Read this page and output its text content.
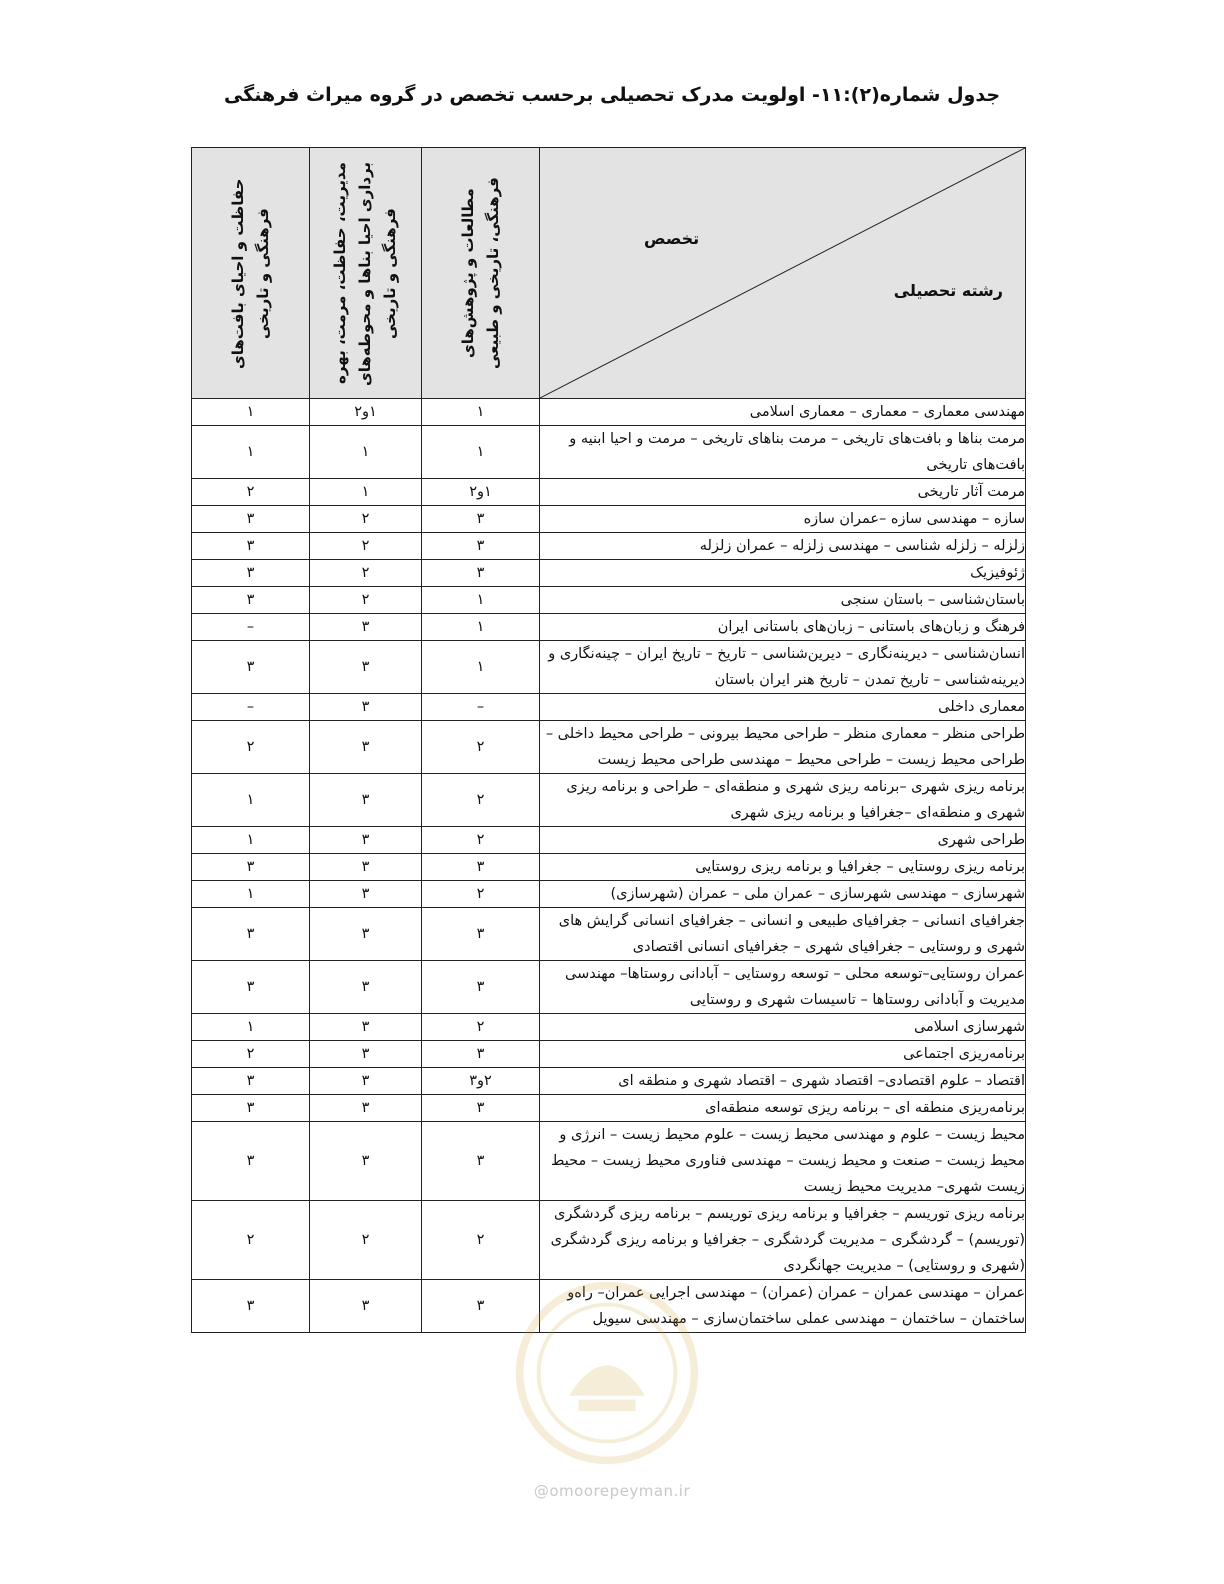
جدول شماره(۲):۱۱- اولویت مدرک تحصیلی برحسب تخصص در گروه میراث فرهنگی
تخصص
رشته تحصیلی	مطالعات و پژوهش‌های فرهنگی، تاریخی و طبیعی	مدیریت، حفاظت، مرمت، بهره برداری احیا بناها و محوطه‌های فرهنگی و تاریخی	حفاظت و احیای بافت‌های فرهنگی و تاریخی

مهندسی معماری – معماری – معماری اسلامی	۱	۱و۲	۱
مرمت بناها و بافت‌های تاریخی – مرمت بناهای تاریخی – مرمت و احیا ابنیه و بافت‌های تاریخی	۱	۱	۱
مرمت آثار تاریخی	۱و۲	۱	۲
سازه – مهندسی سازه –عمران سازه	۳	۲	۳
زلزله – زلزله شناسی – مهندسی زلزله – عمران زلزله	۳	۲	۳
ژئوفیزیک	۳	۲	۳
باستان‌شناسی – باستان سنجی	۱	۲	۳
فرهنگ و زبان‌های باستانی – زبان‌های باستانی ایران	۱	۳	–
انسان‌شناسی – دیرینه‌نگاری – دیرین‌شناسی – تاریخ – تاریخ ایران – چینه‌نگاری و دیرینه‌شناسی – تاریخ تمدن – تاریخ هنر ایران باستان	۱	۳	۳
معماری داخلی	–	۳	–
طراحی منظر – معماری منظر – طراحی محیط بیرونی – طراحی محیط داخلی – طراحی محیط زیست – طراحی محیط – مهندسی طراحی محیط زیست	۲	۳	۲
برنامه ریزی شهری –برنامه ریزی شهری و منطقه‌ای – طراحی و برنامه ریزی شهری و منطقه‌ای –جغرافیا و برنامه ریزی شهری	۲	۳	۱
طراحی شهری	۲	۳	۱
برنامه ریزی روستایی – جغرافیا و برنامه ریزی روستایی	۳	۳	۳
شهرسازی – مهندسی شهرسازی – عمران ملی – عمران (شهرسازی)	۲	۳	۱
جغرافیای انسانی – جغرافیای طبیعی و انسانی – جغرافیای انسانی گرایش های شهری و روستایی – جغرافیای شهری – جغرافیای انسانی اقتصادی	۳	۳	۳
عمران روستایی–توسعه محلی – توسعه روستایی – آبادانی روستاها– مهندسی مدیریت و آبادانی روستاها – تاسیسات شهری و روستایی	۳	۳	۳
شهرسازی اسلامی	۲	۳	۱
برنامه‌ریزی اجتماعی	۳	۳	۲
اقتصاد – علوم اقتصادی– اقتصاد شهری – اقتصاد شهری و منطقه ای	۲و۳	۳	۳
برنامه‌ریزی منطقه ای – برنامه ریزی توسعه منطقه‌ای	۳	۳	۳
محیط زیست – علوم و مهندسی محیط زیست – علوم محیط زیست – انرژی و محیط زیست – صنعت و محیط زیست – مهندسی فناوری محیط زیست – محیط زیست شهری– مدیریت محیط زیست	۳	۳	۳
برنامه ریزی توریسم – جغرافیا و برنامه ریزی توریسم – برنامه ریزی گردشگری (توریسم) – گردشگری – مدیریت گردشگری – جغرافیا و برنامه ریزی گردشگری (شهری و روستایی) – مدیریت جهانگردی	۲	۲	۲
عمران – مهندسی عمران – عمران (عمران) – مهندسی اجرایی عمران– راه‌و ساختمان – ساختمان – مهندسی عملی ساختمان‌سازی – مهندسی سیویل	۳	۳	۳
@omoorepeyman.ir
